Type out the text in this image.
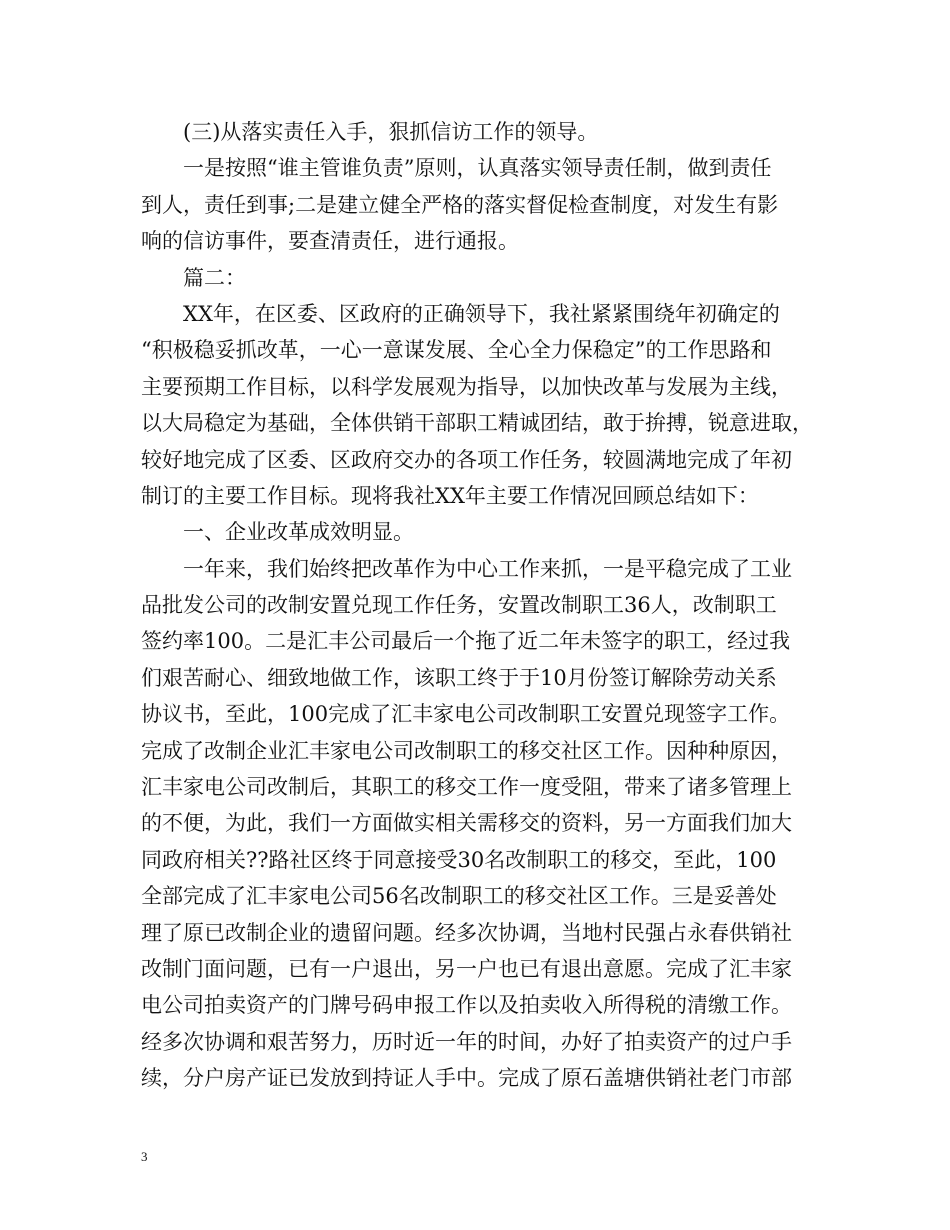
(三)从落实责任入手，狠抓信访工作的领导。
一是按照“谁主管谁负责”原则，认真落实领导责任制，做到责任
到人，责任到事;二是建立健全严格的落实督促检查制度，对发生有影
响的信访事件，要查清责任，进行通报。
篇二：
XX年，在区委、区政府的正确领导下，我社紧紧围绕年初确定的
“积极稳妥抓改革，一心一意谋发展、全心全力保稳定”的工作思路和
主要预期工作目标，以科学发展观为指导，以加快改革与发展为主线，
以大局稳定为基础，全体供销干部职工精诚团结，敢于拚搏，锐意进取，
较好地完成了区委、区政府交办的各项工作任务，较圆满地完成了年初
制订的主要工作目标。现将我社XX年主要工作情况回顾总结如下：
一、企业改革成效明显。
一年来，我们始终把改革作为中心工作来抓，一是平稳完成了工业
品批发公司的改制安置兑现工作任务，安置改制职工36人，改制职工
签约率100。二是汇丰公司最后一个拖了近二年未签字的职工，经过我
们艰苦耐心、细致地做工作，该职工终于于10月份签订解除劳动关系
协议书，至此，100完成了汇丰家电公司改制职工安置兑现签字工作。
完成了改制企业汇丰家电公司改制职工的移交社区工作。因种种原因，
汇丰家电公司改制后，其职工的移交工作一度受阻，带来了诸多管理上
的不便，为此，我们一方面做实相关需移交的资料，另一方面我们加大
同政府相关??路社区终于同意接受30名改制职工的移交，至此，100
全部完成了汇丰家电公司56名改制职工的移交社区工作。三是妥善处
理了原已改制企业的遗留问题。经多次协调，当地村民强占永春供销社
改制门面问题，已有一户退出，另一户也已有退出意愿。完成了汇丰家
电公司拍卖资产的门牌号码申报工作以及拍卖收入所得税的清缴工作。
经多次协调和艰苦努力，历时近一年的时间，办好了拍卖资产的过户手
续，分户房产证已发放到持证人手中。完成了原石盖塘供销社老门市部
3
